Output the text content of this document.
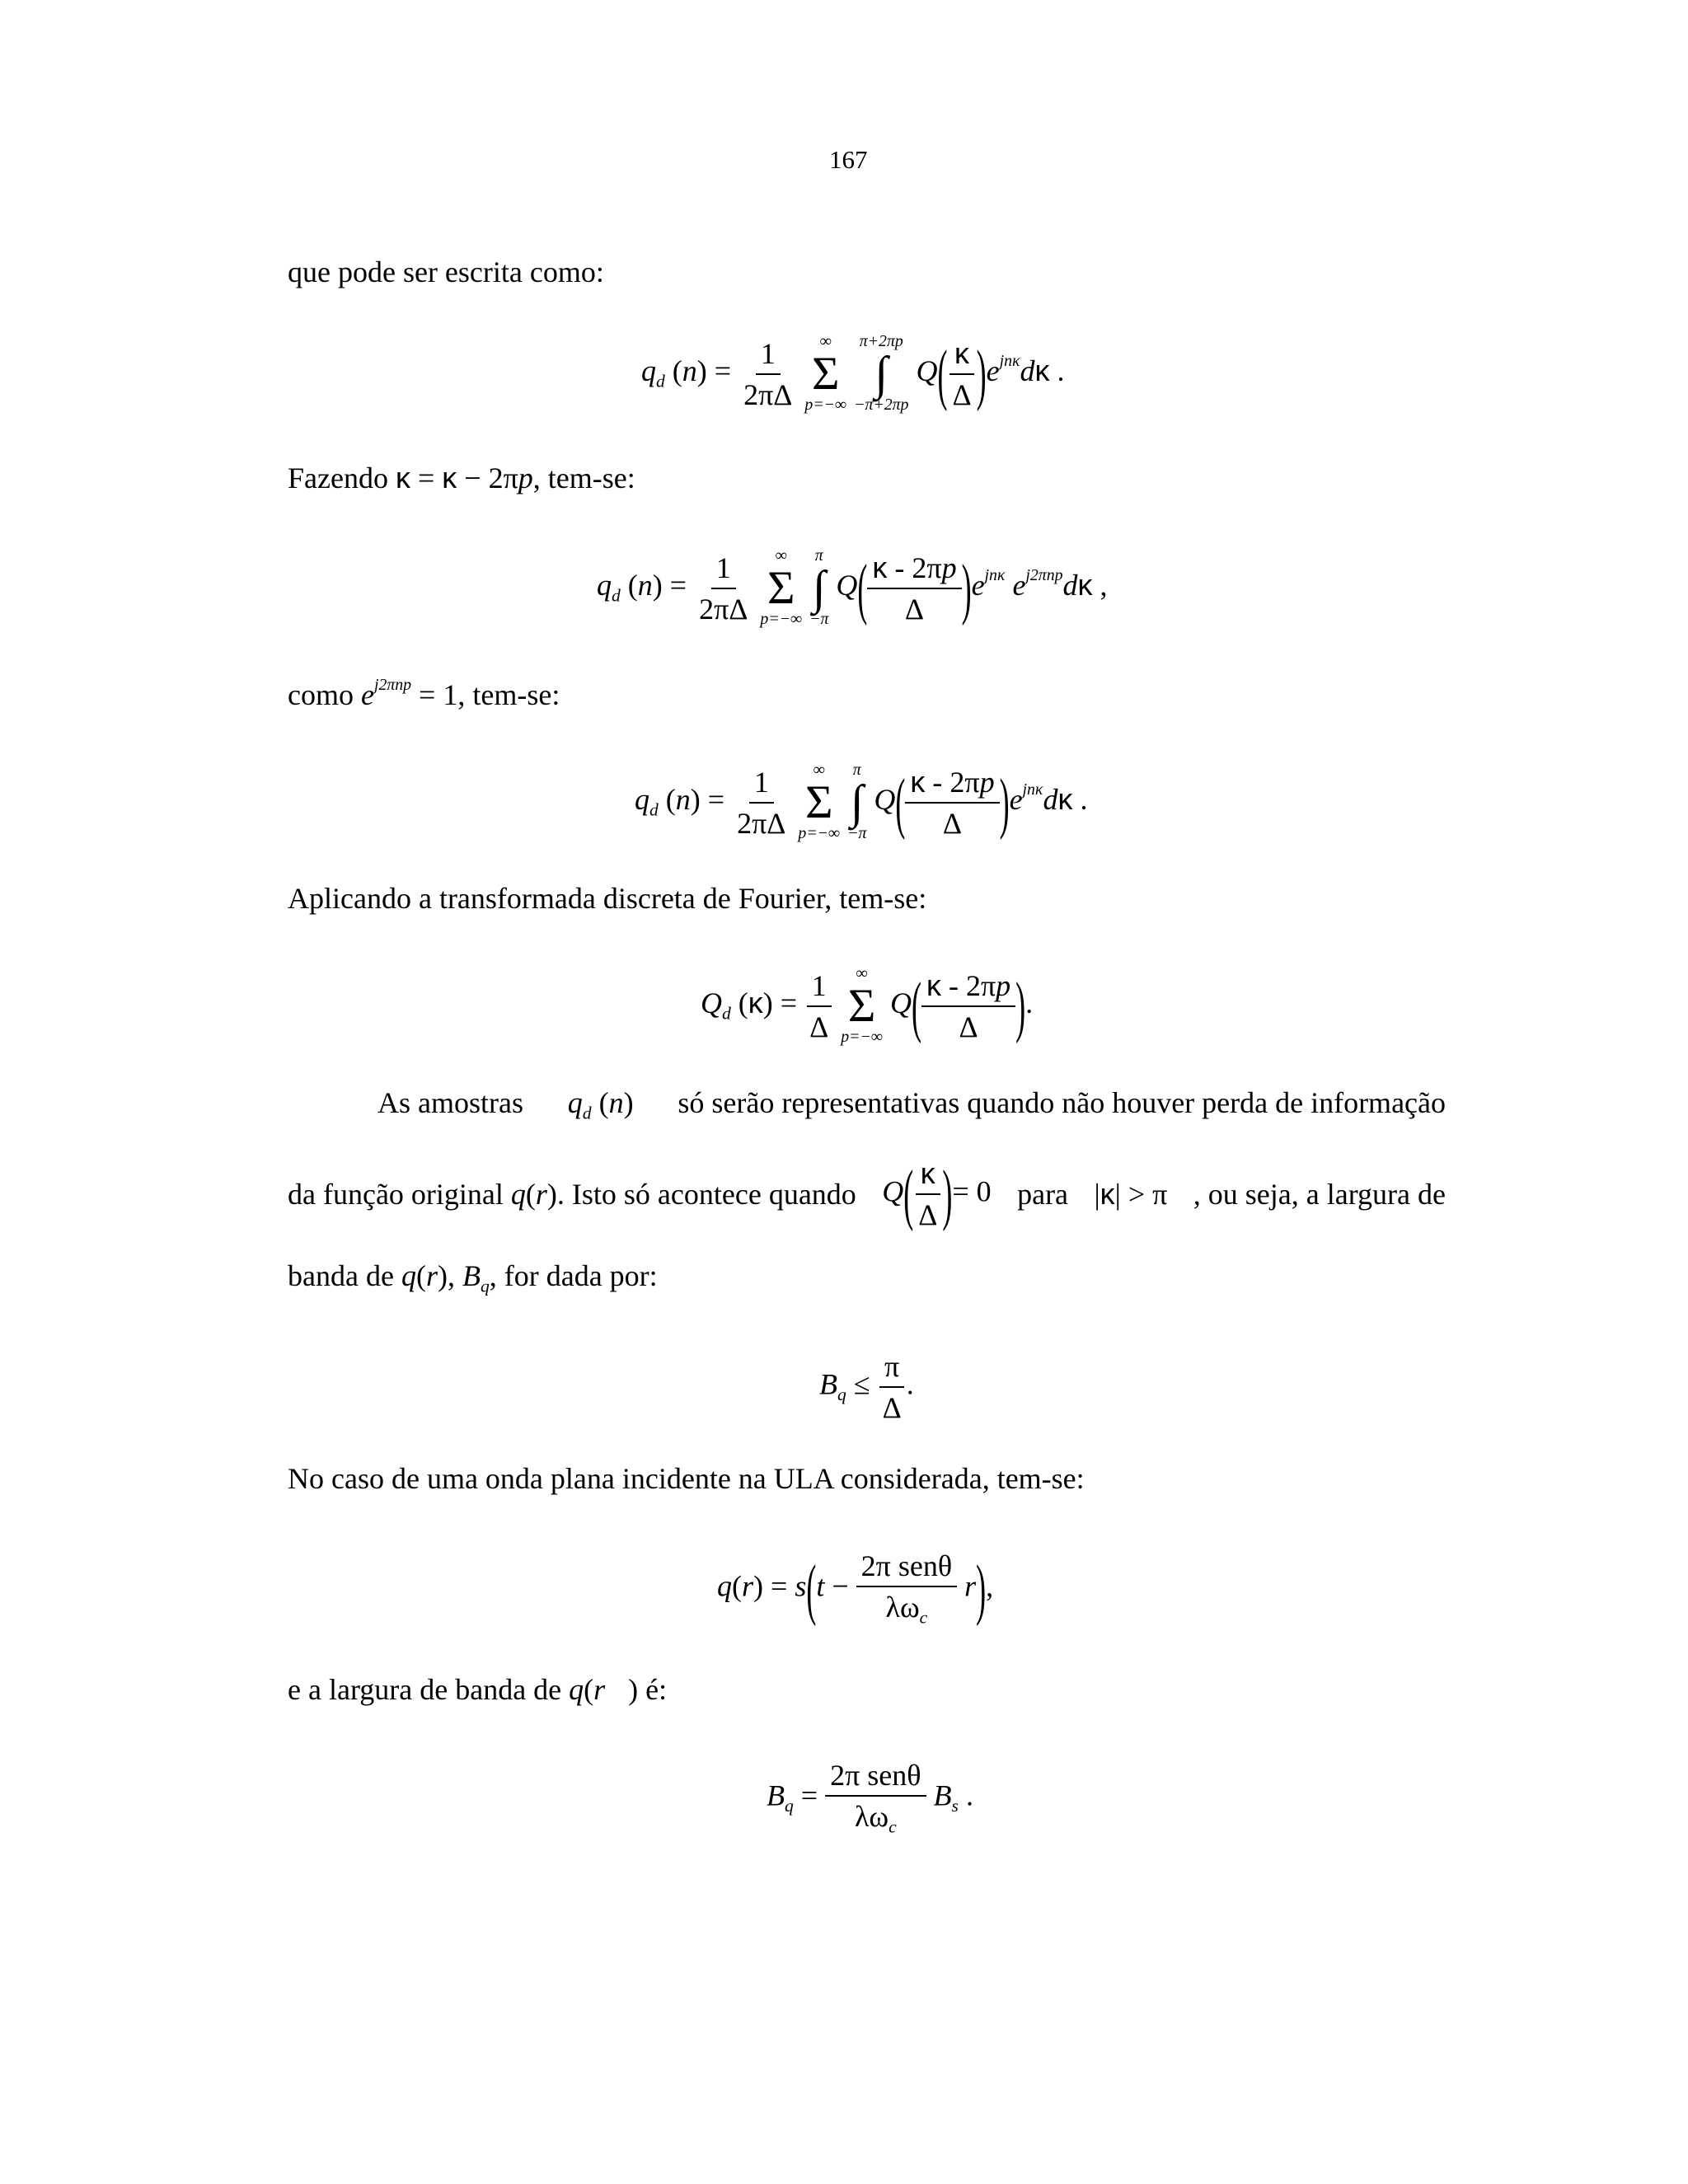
167
que pode ser escrita como:
$q_d$ $(n) = \frac{1}{2\pi\Delta}$
∞
Σ
p=−∞

π+2πp
∫
−π+2πp
$Q( \frac{\kappa}{\Delta} )e^{jn\kappa}d\kappa$ .
Fazendo κ = κ − 2πp, tem-se:
$q_d$ $(n) = \frac{1}{2\pi\Delta}$
∞
Σ
p=−∞

π
∫
−π
$Q( \frac{\kappa - 2\pi p}{\Delta} )e^{jn\kappa}$ $e^{j2\pi np}d\kappa$ ,
como $e^{j2\pi np} = 1$, tem-se:
$q_d$ $(n) = \frac{1}{2\pi\Delta}$
∞
Σ
p=−∞

π
∫
−π
$Q( \frac{\kappa - 2\pi p}{\Delta} )e^{jn\kappa}d\kappa$ .
Aplicando a transformada discreta de Fourier, tem-se:
$Q_d$ $(\kappa) = \frac{1}{\Delta}$
∞
Σ
p=−∞
$Q( \frac{\kappa - 2\pi p}{\Delta}$ ).
As amostras $q_d$ (n) só serão representativas quando não houver perda de informação
da função original q(r). Isto só acontece quando $Q( \frac{\kappa}{\Delta}$ )= 0 para |κ| > π , ou seja, a largura de
banda de q(r), $B_q$, for dada por:
$B_q \le \frac{\pi}{\Delta}$ .
No caso de uma onda plana incidente na ULA considerada, tem-se:
$q(r) = s(t - \frac{\text{2π senθ}}{\lambda\omega_c} r)$,
e a largura de banda de q(r⃗) é:
$B_q = \frac{\text{2π senθ}}{\lambda\omega_c} B_s$ .
